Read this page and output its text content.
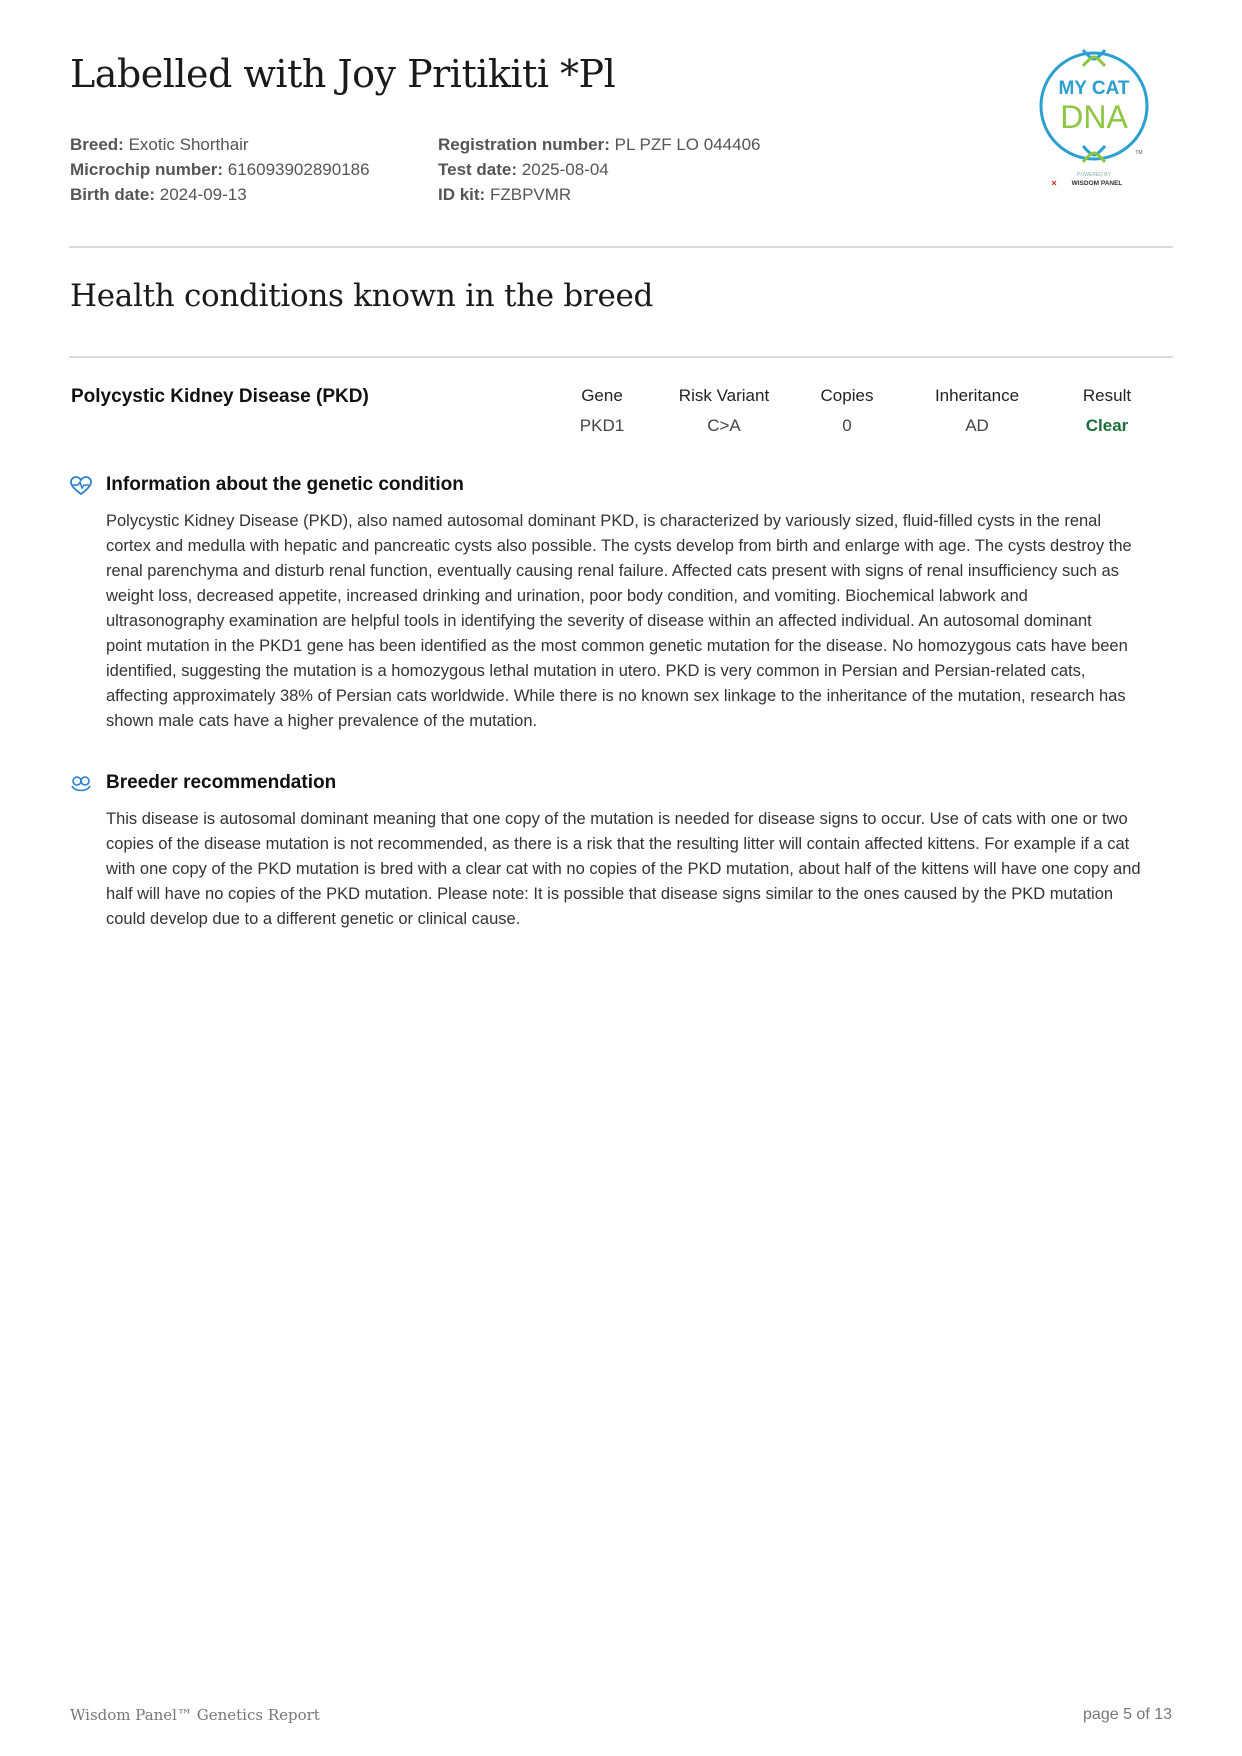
Labelled with Joy Pritikiti *Pl
Breed: Exotic Shorthair
Microchip number: 616093902890186
Birth date: 2024-09-13
Registration number: PL PZF LO 044406
Test date: 2025-08-04
ID kit: FZBPVMR
MY CAT
DNA
TM
POWERED BY
WISDOM PANEL
Health conditions known in the breed
Polycystic Kidney Disease (PKD)	Gene
PKD1
Risk Variant
C>A
Copies
0
Inheritance
AD
Result
Clear
Information about the genetic condition
Polycystic Kidney Disease (PKD), also named autosomal dominant PKD, is characterized by variously sized, fluid-filled cysts in the renal
cortex and medulla with hepatic and pancreatic cysts also possible. The cysts develop from birth and enlarge with age. The cysts destroy the
renal parenchyma and disturb renal function, eventually causing renal failure. Affected cats present with signs of renal insufficiency such as
weight loss, decreased appetite, increased drinking and urination, poor body condition, and vomiting. Biochemical labwork and
ultrasonography examination are helpful tools in identifying the severity of disease within an affected individual. An autosomal dominant
point mutation in the PKD1 gene has been identified as the most common genetic mutation for the disease. No homozygous cats have been
identified, suggesting the mutation is a homozygous lethal mutation in utero. PKD is very common in Persian and Persian-related cats,
affecting approximately 38% of Persian cats worldwide. While there is no known sex linkage to the inheritance of the mutation, research has
shown male cats have a higher prevalence of the mutation.
Breeder recommendation
This disease is autosomal dominant meaning that one copy of the mutation is needed for disease signs to occur. Use of cats with one or two
copies of the disease mutation is not recommended, as there is a risk that the resulting litter will contain affected kittens. For example if a cat
with one copy of the PKD mutation is bred with a clear cat with no copies of the PKD mutation, about half of the kittens will have one copy and
half will have no copies of the PKD mutation. Please note: It is possible that disease signs similar to the ones caused by the PKD mutation
could develop due to a different genetic or clinical cause.
Wisdom Panel™ Genetics Report	page 5 of 13
